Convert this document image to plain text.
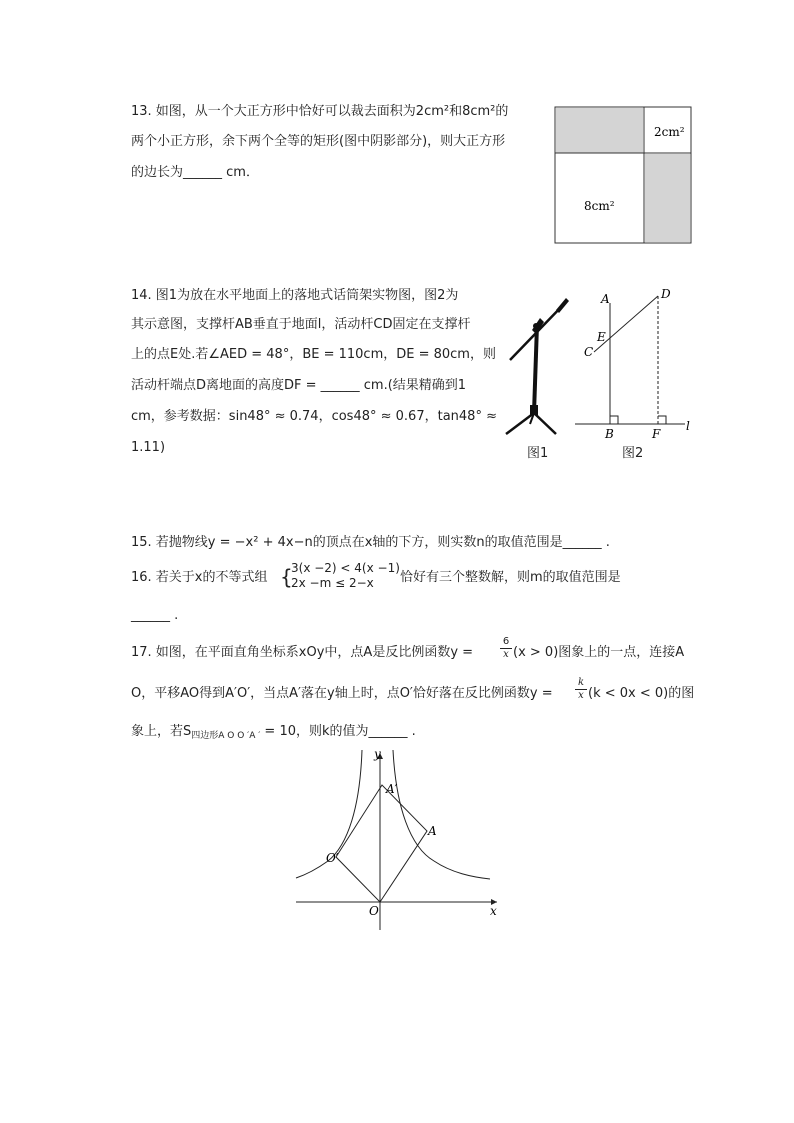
13. 如图，从一个大正方形中恰好可以裁去面积为2cm²和8cm²的
两个小正方形，余下两个全等的矩形(图中阴影部分)，则大正方形
的边长为______ cm．
2cm²
8cm²
14. 图1为放在水平地面上的落地式话筒架实物图，图2为
其示意图，支撑杆AB垂直于地面l，活动杆CD固定在支撑杆
上的点E处.若∠AED = 48°，BE = 110cm，DE = 80cm，则
活动杆端点D离地面的高度DF = ______ cm.(结果精确到1
cm，参考数据：sin48° ≈ 0.74，cos48° ≈ 0.67，tan48° ≈
1.11)	图1
A	D
E
C
B	F
l
图2
15. 若抛物线y = −x² + 4x−n的顶点在x轴的下方，则实数n的取值范围是______ .
16. 若关于x的不等式组 {
3(x −2) < 4(x −1)
2x −m ≤ 2−x 恰好有三个整数解，则m的取值范围是
______ .
17. 如图，在平面直角坐标系xOy中，点A是反比例函数y =	$\frac{6}{x} (x > 0)$图象上的一点，连接A
O，平移AO得到A′O′，当点A′落在y轴上时，点O′恰好落在反比例函数$y = \frac{k}{x} (k < 0x < 0)$的图
象上，若$S_{四边形A O O 'A '} = 10$，则k的值为______ .
y
x
O
A
A′
O′
